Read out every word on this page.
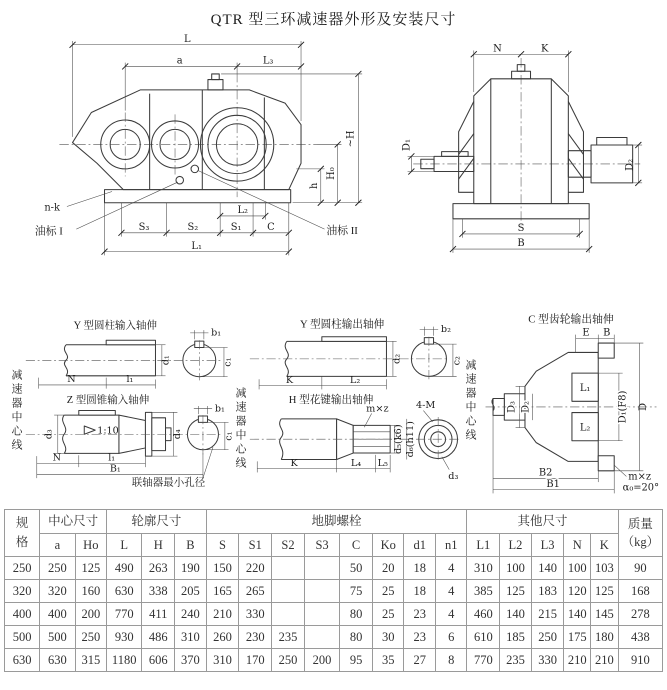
QTR 型三环减速器外形及安装尺寸
L
a	L₃
~H
H₀
h
L₂
S₃	S₂	S₁ C
L₁
n-k
油标 I	油标 II
N	K
D₁
D₂
S
B
减速器中心线
Y 型圆柱输入轴伸
d₁
b₁
c₁
N	l₁
Z 型圆锥输入轴伸
1:10
d₃	d₄
b₁
c₁
N	l₁
B₁
联轴器最小孔径
减速器中心线
Y 型圆柱输出轴伸
d₂
b₂
c₂
K	L₂
H 型花键输出轴伸
m×z
d₅(k6) d₆(h11)
4-M
d₃
K	L₄ L₅
减速器中心线
C 型齿轮输出轴伸
E B
L₁
L₂
D₁(F8) D
D₃ D₂
B2
B1
m×z
α₀=20°
规格	中心尺寸		轮廓尺寸			地脚螺栓								其他尺寸					质量
（kg）

	a	Ho	L	H	B	S	S1	S2	S3	C	Ko	d1	n1	L1	L2	L3	N	K	
250	250	125	490	263	190	150	220			50	20	18	4	310	100	140	100	103	90
320	320	160	630	338	205	165	265			75	25	18	4	385	125	183	120	125	168
400	400	200	770	411	240	210	330			80	25	23	4	460	140	215	140	145	278
500	500	250	930	486	310	260	230	235		80	30	23	6	610	185	250	175	180	438
630	630	315	1180	606	370	310	170	250	200	95	35	27	8	770	235	330	210	210	910
